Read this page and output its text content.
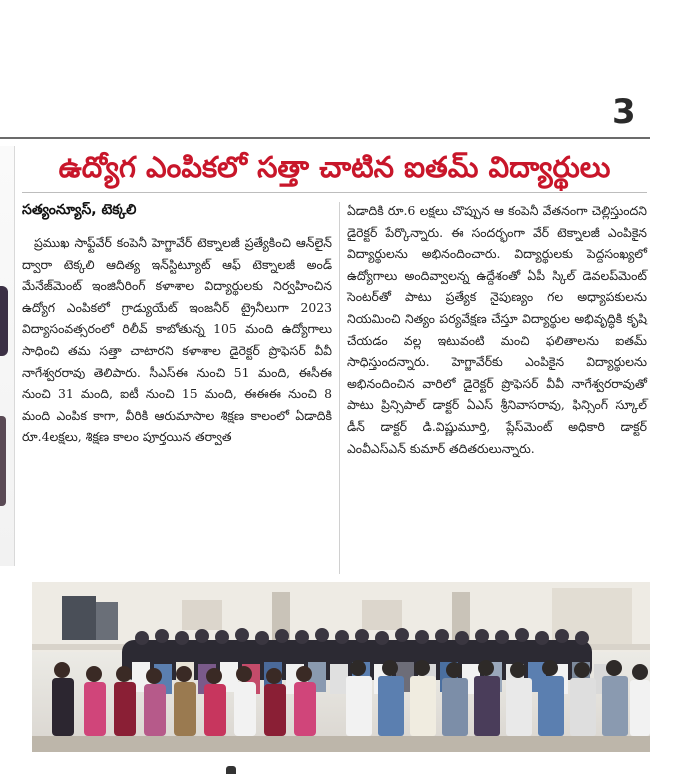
3
ఉద్యోగ ఎంపికలో సత్తా చాటిన ఐతమ్ విద్యార్థులు
సత్యంన్యూస్, టెక్కలి

ప్రముఖ సాఫ్ట్‌వేర్ కంపెనీ హెగ్జావేర్ టెక్నాలజీ ప్రత్యేకించి ఆన్‌లైన్ ద్వారా టెక్కలి ఆదిత్య ఇన్‌స్టిట్యూట్ ఆఫ్ టెక్నాలజీ అండ్ మేనేజ్‌మెంట్ ఇంజినీరింగ్ కళాశాల విద్యార్థులకు నిర్వహించిన ఉద్యోగ ఎంపికలో గ్రాడ్యుయేట్ ఇంజనీర్ ట్రైనీలుగా 2023 విద్యాసంవత్సరంలో రిలీవ్ కాబోతున్న 105 మంది ఉద్యోగాలు సాధించి తమ సత్తా చాటారని కళాశాల డైరెక్టర్ ప్రొఫెసర్ వీవీ నాగేశ్వరరావు తెలిపారు. సీఎస్ఈ నుంచి 51 మంది, ఈసీఈ నుంచి 31 మంది, ఐటీ నుంచి 15 మంది, ఈఈఈ నుంచి 8 మంది ఎంపిక కాగా, వీరికి ఆరుమాసాల శిక్షణ కాలంలో ఏడాదికి రూ.4లక్షలు, శిక్షణ కాలం పూర్తయిన తర్వాత

ఏడాదికి రూ.6 లక్షలు చొప్పున ఆ కంపెనీ వేతనంగా చెల్లిస్తుందని డైరెక్టర్ పేర్కొన్నారు. ఈ సందర్భంగా వేర్ టెక్నాలజీ ఎంపికైన విద్యార్థులను అభినందించారు. విద్యార్థులకు పెద్దసంఖ్యలో ఉద్యోగాలు అందివ్వాలన్న ఉద్దేశంతో ఏపీ స్కిల్ డెవలప్‌మెంట్ సెంటర్‌తో పాటు ప్రత్యేక నైపుణ్యం గల అధ్యాపకులను నియమించి నిత్యం పర్యవేక్షణ చేస్తూ విద్యార్థుల అభివృద్ధికి కృషి చేయడం వల్ల ఇటువంటి మంచి ఫలితాలను ఐతమ్ సాధిస్తుందన్నారు. హెగ్జావేర్‌కు ఎంపికైన విద్యార్థులను అభినందించిన వారిలో డైరెక్టర్ ప్రొఫెసర్ వీవీ నాగేశ్వరరావుతో పాటు ప్రిన్సిపాల్ డాక్టర్ ఏఎస్ శ్రీనివాసరావు, ఫిన్సింగ్ స్కూల్ డీన్ డాక్టర్ డి.విష్ణుమూర్తి, ప్లేస్‌మెంట్ అధికారి డాక్టర్ ఎంవీఎస్ఎన్ కుమార్ తదితరులున్నారు.
